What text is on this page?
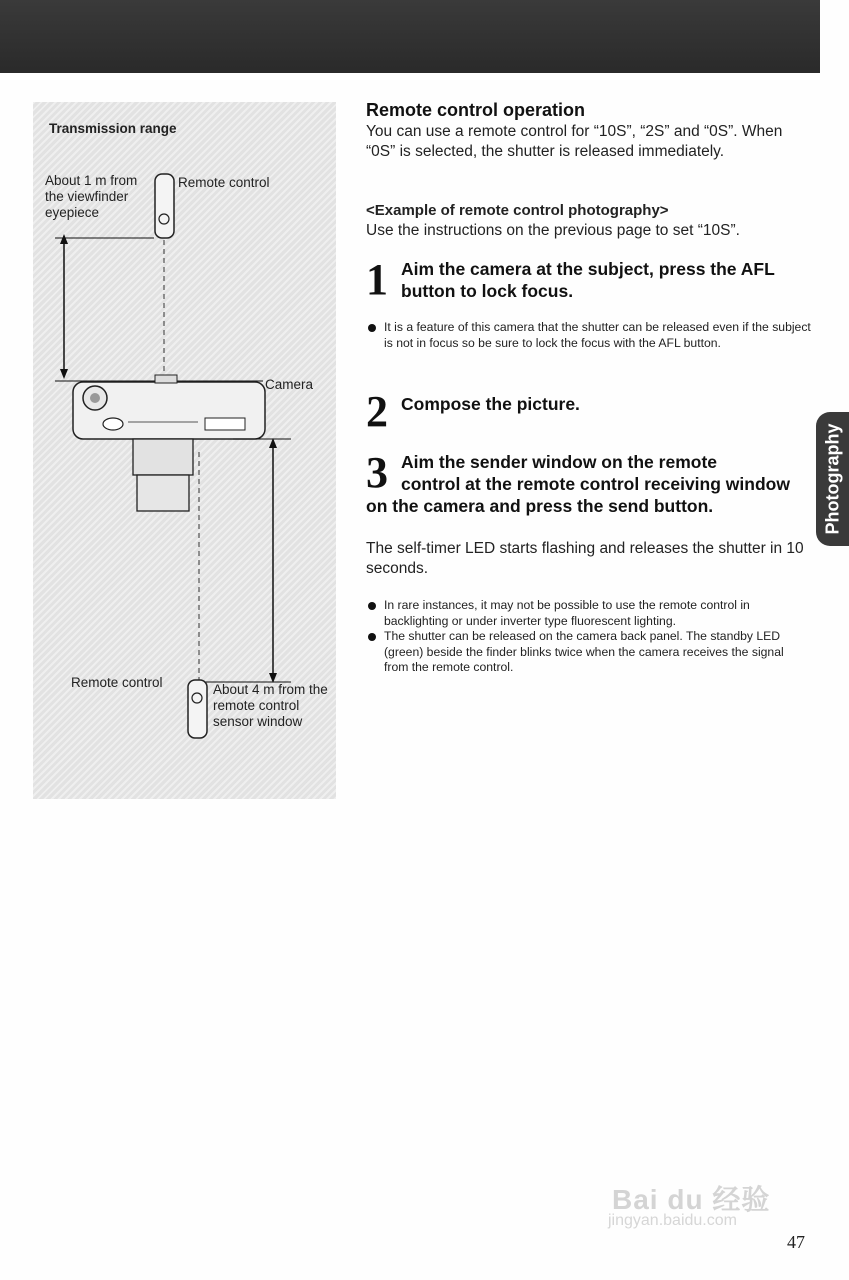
Transmission range
Remote control
About 1 m from the viewfinder eyepiece
Camera
Remote control	About 4 m from the remote control sensor window
Remote control operation

You can use a remote control for “10S”, “2S” and “0S”. When “0S” is selected, the shutter is released immediately.

<Example of remote control photography>

Use the instructions on the previous page to set “10S”.

1 Aim the camera at the subject, press the AFL button to lock focus.
It is a feature of this camera that the shutter can be released even if the subject is not in focus so be sure to lock the focus with the AFL button.
2 Compose the picture.
3 Aim the sender window on the remote
control at the remote control receiving window on the camera and press the send button.

The self-timer LED starts flashing and releases the shutter in 10 seconds.

In rare instances, it may not be possible to use the remote control in backlighting or under inverter type fluorescent lighting.
The shutter can be released on the camera back panel. The standby LED (green) beside the finder blinks twice when the camera receives the signal from the remote control.
Photography
Bai du 经验
jingyan.baidu.com
47
